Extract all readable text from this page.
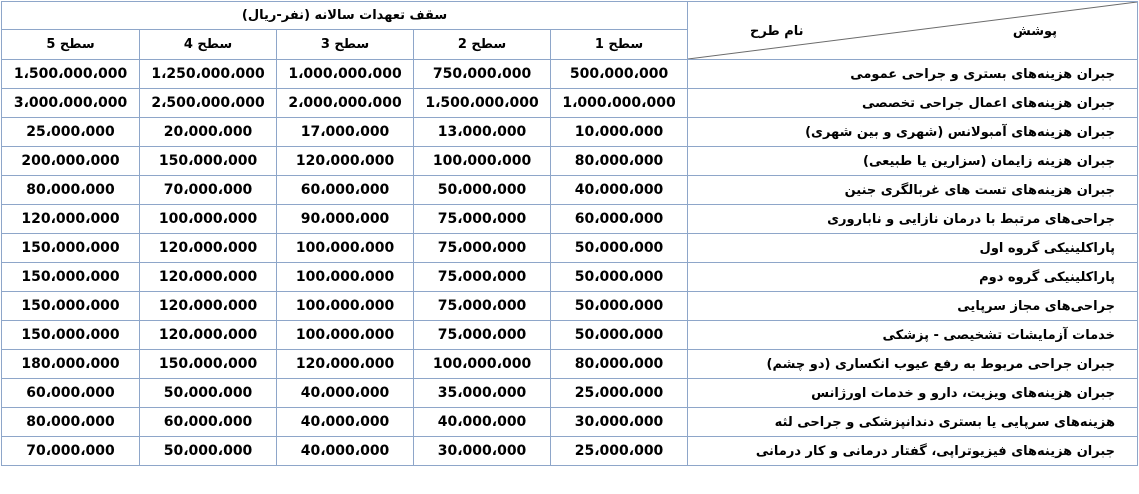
پوشش
نام طرح	سقف تعهدات سالانه (نفر-ریال)				
	سطح 1	سطح 2	سطح 3	سطح 4	سطح 5
جبران هزینه‌های بستری و جراحی عمومی	500،000،000	750،000،000	1،000،000،000	1،250،000،000	1،500،000،000
جبران هزینه‌های اعمال جراحی تخصصی	1،000،000،000	1،500،000،000	2،000،000،000	2،500،000،000	3،000،000،000
جبران هزینه‌های آمبولانس (شهری و بین شهری)	10،000،000	13،000،000	17،000،000	20،000،000	25،000،000
جبران هزینه زایمان (سزارین یا طبیعی)	80،000،000	100،000،000	120،000،000	150،000،000	200،000،000
جبران هزینه‌های تست های غربالگری جنین	40،000،000	50،000،000	60،000،000	70،000،000	80،000،000
جراحی‌های مرتبط با درمان نازایی و ناباروری	60،000،000	75،000،000	90،000،000	100،000،000	120،000،000
پاراکلینیکی گروه اول	50،000،000	75،000،000	100،000،000	120،000،000	150،000،000
پاراکلینیکی گروه دوم	50،000،000	75،000،000	100،000،000	120،000،000	150،000،000
جراحی‌های مجاز سرپایی	50،000،000	75،000،000	100،000،000	120،000،000	150،000،000
خدمات آزمایشات تشخیصی - پزشکی	50،000،000	75،000،000	100،000،000	120،000،000	150،000،000
جبران جراحی مربوط به رفع عیوب انکساری (دو چشم)	80،000،000	100،000،000	120،000،000	150،000،000	180،000،000
جبران هزینه‌های ویزیت، دارو و خدمات اورژانس	25،000،000	35،000،000	40،000،000	50،000،000	60،000،000
هزینه‌های سرپایی یا بستری دندانپزشکی و جراحی لثه	30،000،000	40،000،000	40،000،000	60،000،000	80،000،000
جبران هزینه‌های فیزیوتراپی، گفتار درمانی و کار درمانی	25،000،000	30،000،000	40،000،000	50،000،000	70،000،000
